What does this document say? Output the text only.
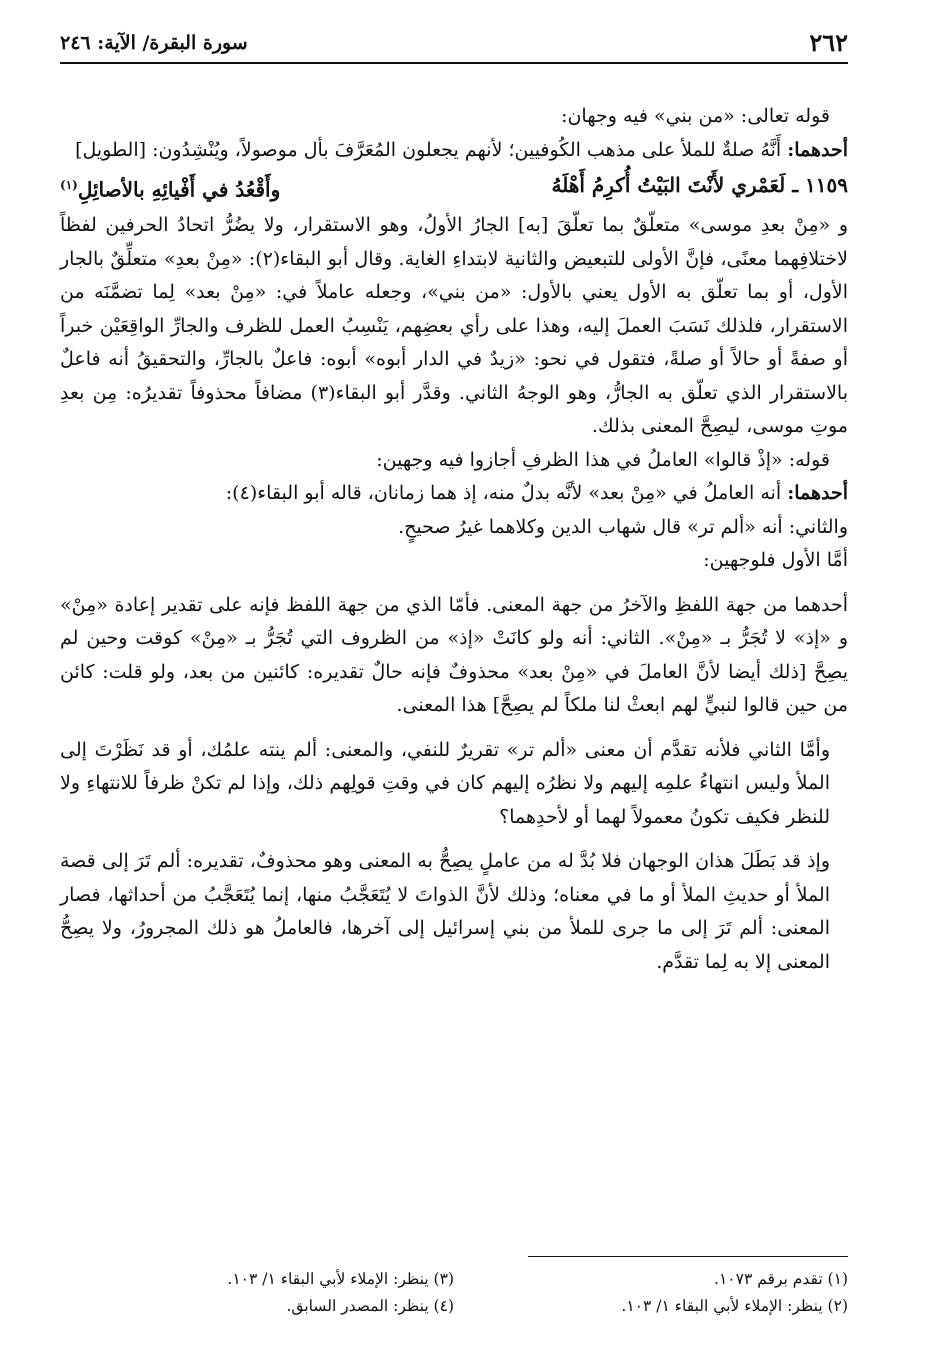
٢٦٢
سورة البقرة/ الآية: ٢٤٦

قوله تعالى: «من بني» فيه وجهان:

أحدهما: أَنَّهُ صلةٌ للملأ على مذهب الكُوفيين؛ لأنهم يجعلون المُعَرَّفَ بأل موصولاً، ويُنْشِدُون: [الطويل]

١١٥٩ ـ لَعَمْري لأَنْتَ البَيْتُ أُكرِمُ أَهْلَهُ
وأَقْعُدُ في أَفْيائِهِ بالأصائِلِ$^{(١)}$

و «مِنْ بعدِ موسى» متعلّقٌ بما تعلّقَ [به] الجارُ الأولُ، وهو الاستقرار، ولا يضُرُّ اتحادُ الحرفين لفظاً لاختلافِهما معنًى، فإنَّ الأولى للتبعيض والثانية لابتداءِ الغاية. وقال أبو البقاء(٢): «مِنْ بعدِ» متعلِّقٌ بالجار الأول، أو بما تعلّق به الأول يعني بالأول: «من بني»، وجعله عاملاً في: «مِنْ بعد» لِما تضمَّنَه من الاستقرار، فلذلك نَسَبَ العملَ إليه، وهذا على رأي بعضِهم، يَنْسِبُ العمل للظرف والجارِّ الواقِعَيْن خبراً أو صفةً أو حالاً أو صلةً، فتقول في نحو: «زيدٌ في الدار أبوه» أبوه: فاعلٌ بالجارِّ، والتحقيقُ أنه فاعلٌ بالاستقرار الذي تعلّق به الجارُّ، وهو الوجهُ الثاني. وقدَّر أبو البقاء(٣) مضافاً محذوفاً تقديرُه: مِن بعدِ موتِ موسى، ليصِحَّ المعنى بذلك.

قوله: «إذْ قالوا» العاملُ في هذا الظرفِ أجازوا فيه وجهين:

أحدهما: أنه العاملُ في «مِنْ بعد» لأنَّه بدلٌ منه، إذ هما زمانان، قاله أبو البقاء(٤):

والثاني: أنه «ألم تر» قال شهاب الدين وكلاهما غيرُ صحيحٍ.

أمَّا الأول فلوجهين:

أحدهما من جهة اللفظِ والآخرُ من جهة المعنى. فأمّا الذي من جهة اللفظ فإنه على تقدير إعادة «مِنْ» و «إذ» لا تُجَرُّ بـ «مِنْ». الثاني: أنه ولو كانَتْ «إذ» من الظروف التي تُجَرُّ بـ «مِنْ» كوقت وحين لم يصِحَّ [ذلك أيضا لأنَّ العاملَ في «مِنْ بعد» محذوفٌ فإنه حالٌ تقديره: كائنين من بعد، ولو قلت: كائن من حين قالوا لنبيٍّ لهم ابعثْ لنا ملكاً لم يصِحَّ] هذا المعنى.

وأمَّا الثاني فلأنه تقدَّم أن معنى «ألم تر» تقريرٌ للنفي، والمعنى: ألم ينته علمُك، أو قد نَظَرْتَ إلى الملأ وليس انتهاءُ علمِه إليهم ولا نظرُه إليهم كان في وقتِ قولِهم ذلك، وإذا لم تكنْ ظرفاً للانتهاءِ ولا للنظر فكيف تكونُ معمولاً لهما أو لأحدِهما؟

وإذ قد بَطَلَ هذان الوجهان فلا بُدَّ له من عاملٍ يصِحُّ به المعنى وهو محذوفٌ، تقديره: ألم تَرَ إلى قصة الملأ أو حديثِ الملأ أو ما في معناه؛ وذلك لأنَّ الذواتَ لا يُتَعَجَّبُ منها، إنما يُتَعَجَّبُ من أحداثها، فصار المعنى: ألم تَرَ إلى ما جرى للملأ من بني إسرائيل إلى آخرها، فالعاملُ هو ذلك المجرورُ، ولا يصِحُّ المعنى إلا به لِما تقدَّم.

(١) تقدم برقم ١٠٧٣.
(٣) ينظر: الإملاء لأبي البقاء ١/ ١٠٣.
(٢) ينظر: الإملاء لأبي البقاء ١/ ١٠٣.
(٤) ينظر: المصدر السابق.
